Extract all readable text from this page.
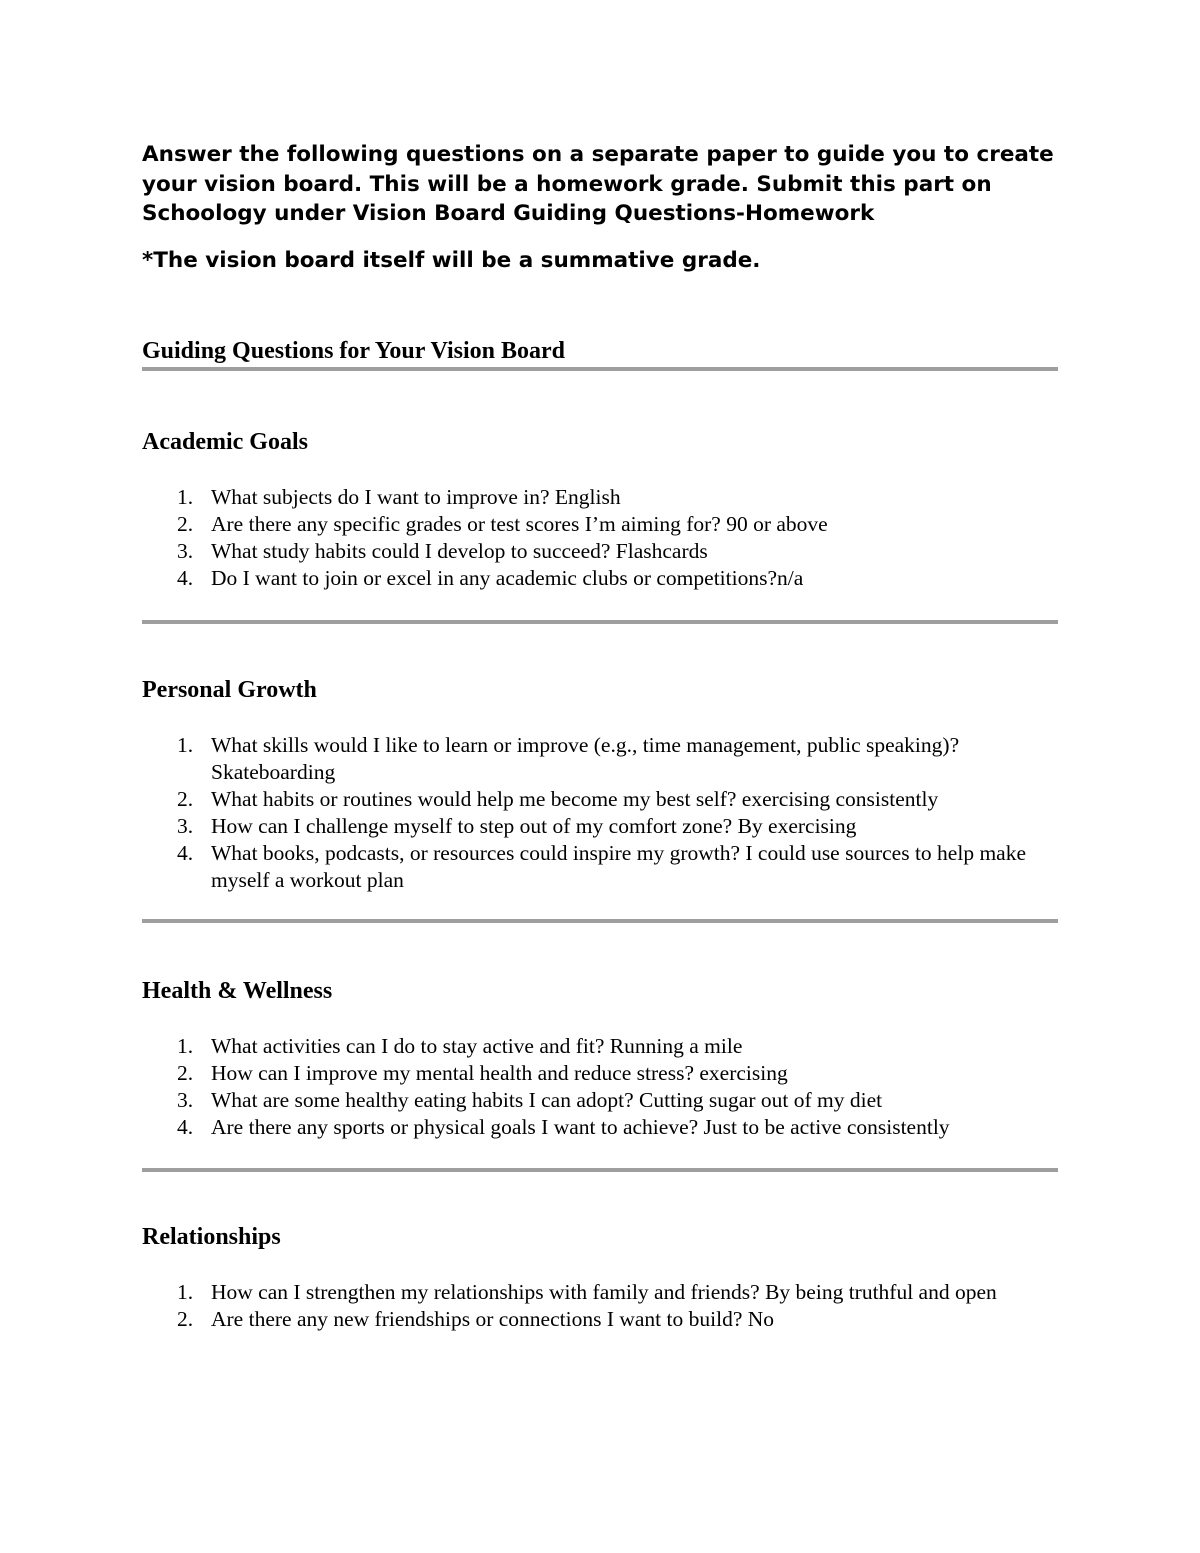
Answer the following questions on a separate paper to guide you to create your vision board. This will be a homework grade. Submit this part on Schoology under Vision Board Guiding Questions-Homework

*The vision board itself will be a summative grade.

Guiding Questions for Your Vision Board
Academic Goals
1. What subjects do I want to improve in? English
2. Are there any specific grades or test scores I’m aiming for? 90 or above
3. What study habits could I develop to succeed? Flashcards
4. Do I want to join or excel in any academic clubs or competitions?n/a
Personal Growth
1. What skills would I like to learn or improve (e.g., time management, public speaking)? Skateboarding
2. What habits or routines would help me become my best self? exercising consistently
3. How can I challenge myself to step out of my comfort zone? By exercising
4. What books, podcasts, or resources could inspire my growth? I could use sources to help make myself a workout plan
Health & Wellness
1. What activities can I do to stay active and fit? Running a mile
2. How can I improve my mental health and reduce stress? exercising
3. What are some healthy eating habits I can adopt? Cutting sugar out of my diet
4. Are there any sports or physical goals I want to achieve? Just to be active consistently
Relationships
1. How can I strengthen my relationships with family and friends? By being truthful and open
2. Are there any new friendships or connections I want to build? No
